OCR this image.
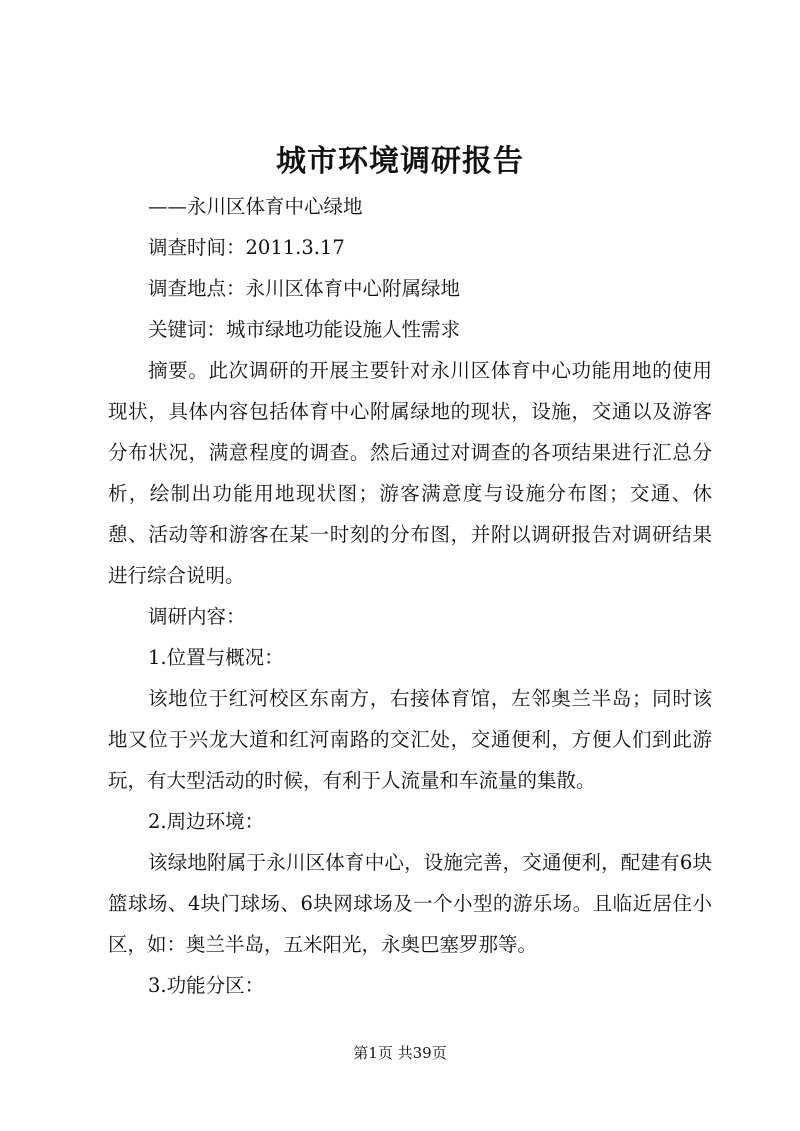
城市环境调研报告
——永川区体育中心绿地
调查时间：2011.3.17
调查地点：永川区体育中心附属绿地
关键词：城市绿地功能设施人性需求

摘要。此次调研的开展主要针对永川区体育中心功能用地的使用现状，具体内容包括体育中心附属绿地的现状，设施，交通以及游客分布状况，满意程度的调查。然后通过对调查的各项结果进行汇总分析，绘制出功能用地现状图；游客满意度与设施分布图；交通、休憩、活动等和游客在某一时刻的分布图，并附以调研报告对调研结果进行综合说明。

调研内容：
1.位置与概况：

该地位于红河校区东南方，右接体育馆，左邻奥兰半岛；同时该地又位于兴龙大道和红河南路的交汇处，交通便利，方便人们到此游玩，有大型活动的时候，有利于人流量和车流量的集散。

2.周边环境：

该绿地附属于永川区体育中心，设施完善，交通便利，配建有6块篮球场、4块门球场、6块网球场及一个小型的游乐场。且临近居住小区，如：奥兰半岛，五米阳光，永奥巴塞罗那等。

3.功能分区：
第1页 共39页
